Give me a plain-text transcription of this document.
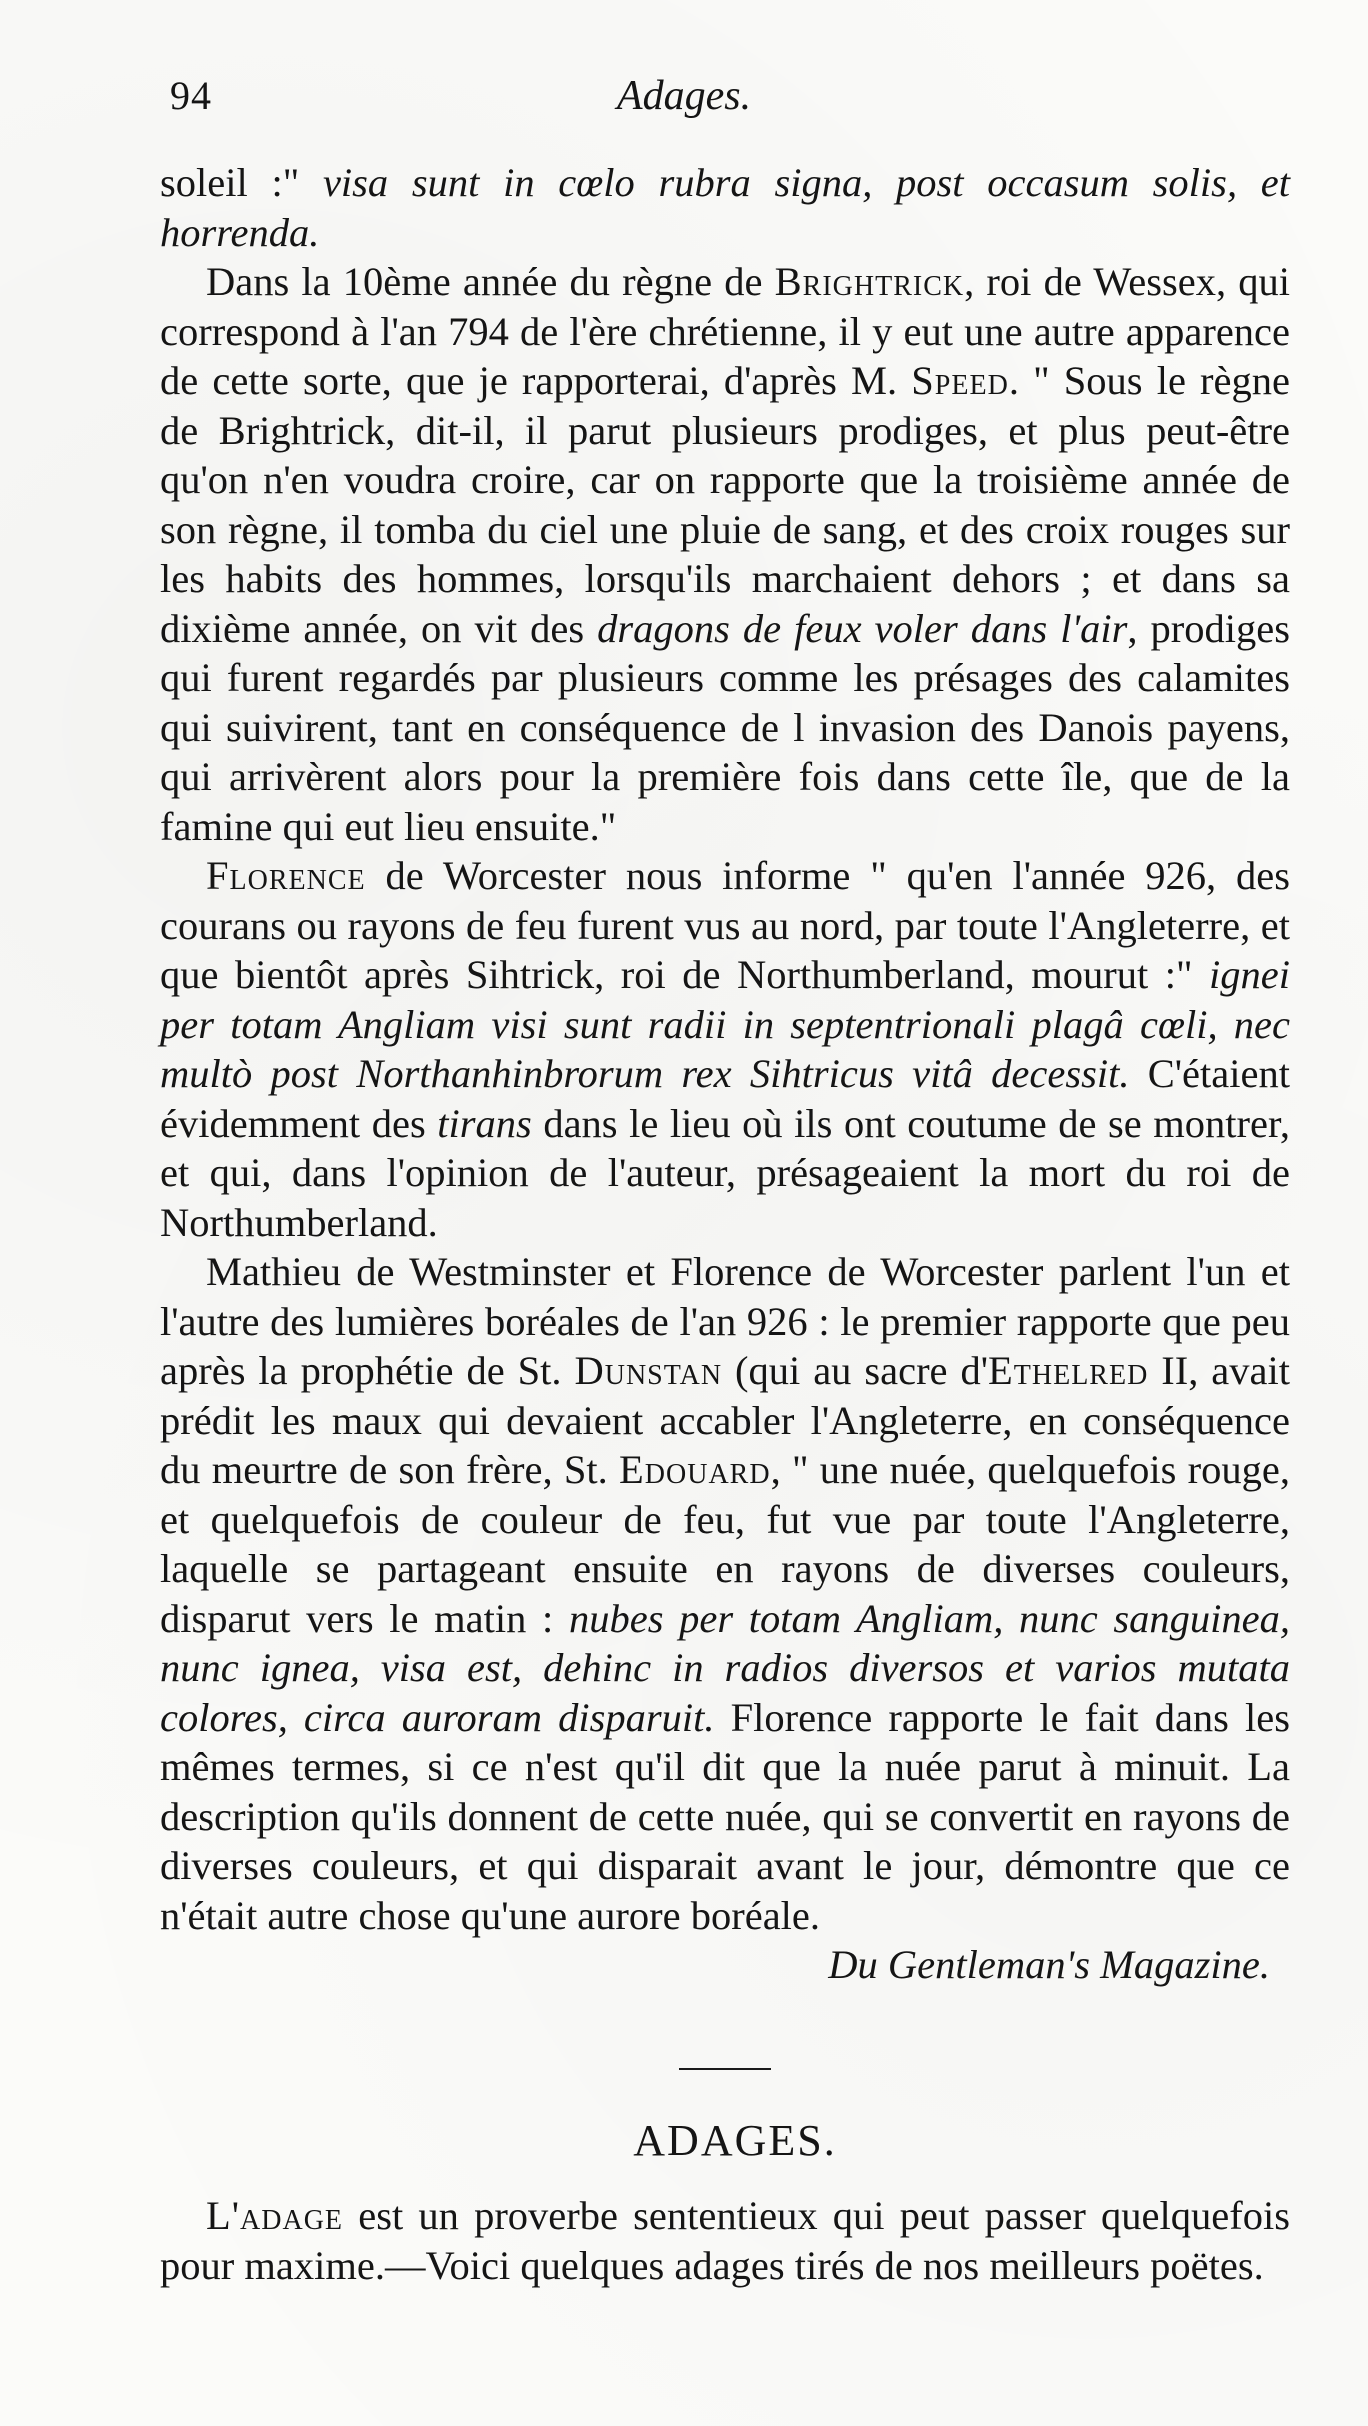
94	Adages.

soleil :" visa sunt in cœlo rubra signa, post occasum solis, et horrenda.

Dans la 10ème année du règne de Brightrick, roi de Wessex, qui correspond à l'an 794 de l'ère chrétienne, il y eut une autre apparence de cette sorte, que je rapporterai, d'après M. Speed. " Sous le règne de Brightrick, dit-il, il parut plusieurs prodiges, et plus peut-être qu'on n'en voudra croire, car on rapporte que la troisième année de son règne, il tomba du ciel une pluie de sang, et des croix rouges sur les habits des hommes, lorsqu'ils marchaient dehors ; et dans sa dixième année, on vit des dragons de feux voler dans l'air, prodiges qui furent regardés par plusieurs comme les présages des calamites qui suivirent, tant en conséquence de l invasion des Danois payens, qui arrivèrent alors pour la première fois dans cette île, que de la famine qui eut lieu ensuite."

Florence de Worcester nous informe " qu'en l'année 926, des courans ou rayons de feu furent vus au nord, par toute l'Angleterre, et que bientôt après Sihtrick, roi de Northumberland, mourut :" ignei per totam Angliam visi sunt radii in septentrionali plagâ cœli, nec multò post Northanhinbrorum rex Sihtricus vitâ decessit. C'étaient évidemment des tirans dans le lieu où ils ont coutume de se montrer, et qui, dans l'opinion de l'auteur, présageaient la mort du roi de Northumberland.

Mathieu de Westminster et Florence de Worcester parlent l'un et l'autre des lumières boréales de l'an 926 : le premier rapporte que peu après la prophétie de St. Dunstan (qui au sacre d'Ethelred II, avait prédit les maux qui devaient accabler l'Angleterre, en conséquence du meurtre de son frère, St. Edouard, " une nuée, quelquefois rouge, et quelquefois de couleur de feu, fut vue par toute l'Angleterre, laquelle se partageant ensuite en rayons de diverses couleurs, disparut vers le matin : nubes per totam Angliam, nunc sanguinea, nunc ignea, visa est, dehinc in radios diversos et varios mutata colores, circa auroram disparuit. Florence rapporte le fait dans les mêmes termes, si ce n'est qu'il dit que la nuée parut à minuit. La description qu'ils donnent de cette nuée, qui se convertit en rayons de diverses couleurs, et qui disparait avant le jour, démontre que ce n'était autre chose qu'une aurore boréale.

Du Gentleman's Magazine.

ADAGES.

L'adage est un proverbe sententieux qui peut passer quelquefois pour maxime.—Voici quelques adages tirés de nos meilleurs poëtes.
